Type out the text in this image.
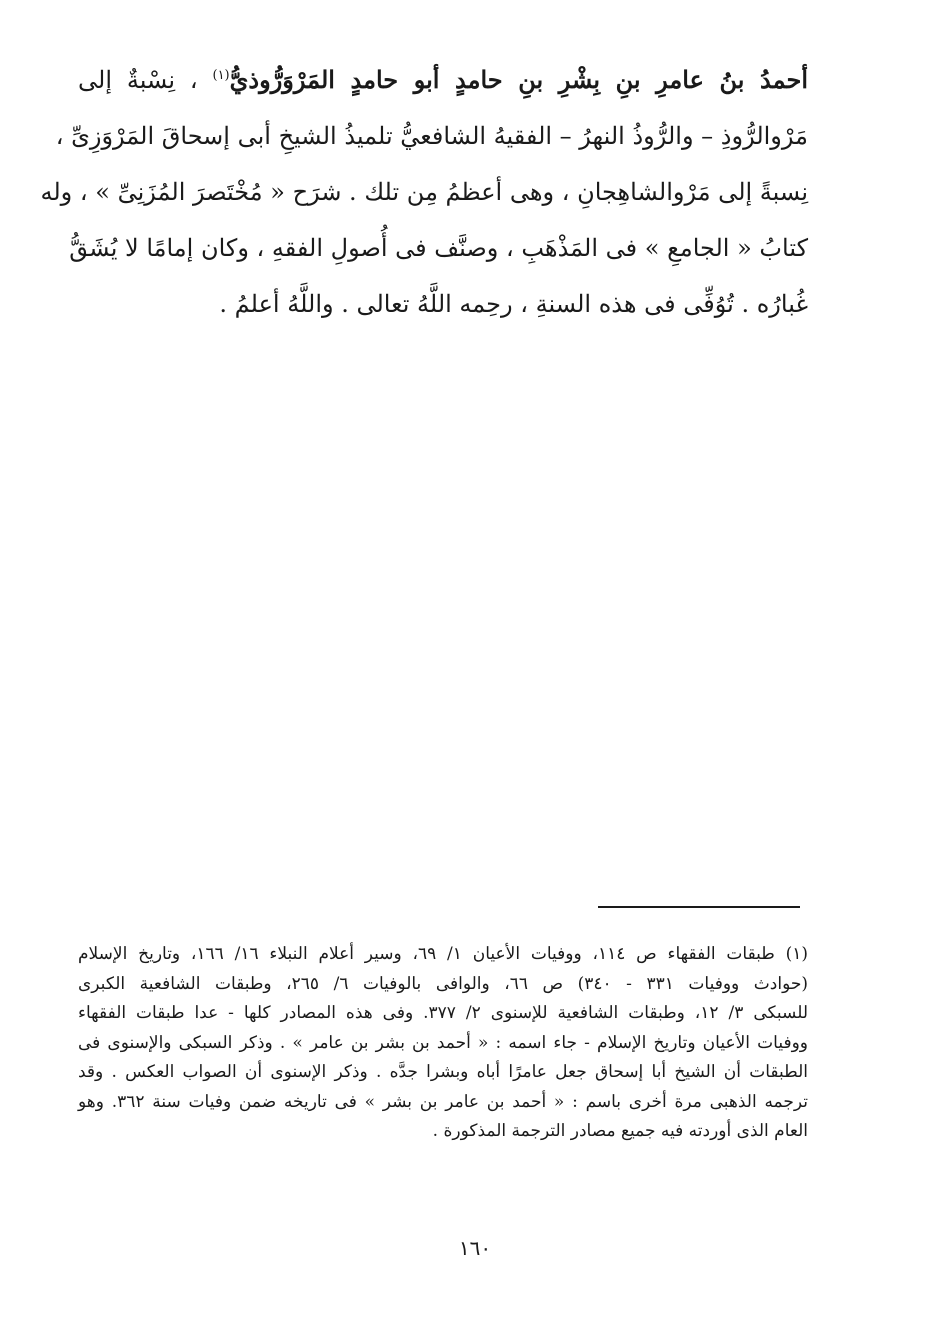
أحمدُ بنُ عامرِ بنِ بِشْرِ بنِ حامدٍ أبو حامدٍ المَرْوَرُّوذيُّ$^{(١)}$ ، نِسْبةٌ إلى
مَرْوالرُّوذِ – والرُّوذُ النهرُ – الفقيهُ الشافعيُّ تلميذُ الشيخِ أبى إسحاقَ المَرْوَزِىِّ ،
نِسبةً إلى مَرْوالشاهِجانِ ، وهى أعظمُ مِن تلك . شرَح « مُخْتَصرَ المُزَنِىِّ » ، وله
كتابُ « الجامعِ » فى المَذْهَبِ ، وصنَّف فى أُصولِ الفقهِ ، وكان إمامًا لا يُشَقُّ
غُبارُه . تُوُفِّى فى هذه السنةِ ، رحِمه اللَّهُ تعالى . واللَّهُ أعلمُ .
(١) طبقات الفقهاء ص ١١٤، ووفيات الأعيان ١/ ٦٩، وسير أعلام النبلاء ١٦/ ١٦٦، وتاريخ الإسلام
(حوادث ووفيات ٣٣١ - ٣٤٠) ص ٦٦، والوافى بالوفيات ٦/ ٢٦٥، وطبقات الشافعية الكبرى
للسبكى ٣/ ١٢، وطبقات الشافعية للإسنوى ٢/ ٣٧٧. وفى هذه المصادر كلها - عدا طبقات الفقهاء
ووفيات الأعيان وتاريخ الإسلام - جاء اسمه : « أحمد بن بشر بن عامر » . وذكر السبكى والإسنوى فى
الطبقات أن الشيخ أبا إسحاق جعل عامرًا أباه وبشرا جدَّه . وذكر الإسنوى أن الصواب العكس . وقد
ترجمه الذهبى مرة أخرى باسم : « أحمد بن عامر بن بشر » فى تاريخه ضمن وفيات سنة ٣٦٢. وهو
العام الذى أوردته فيه جميع مصادر الترجمة المذكورة .
١٦٠
